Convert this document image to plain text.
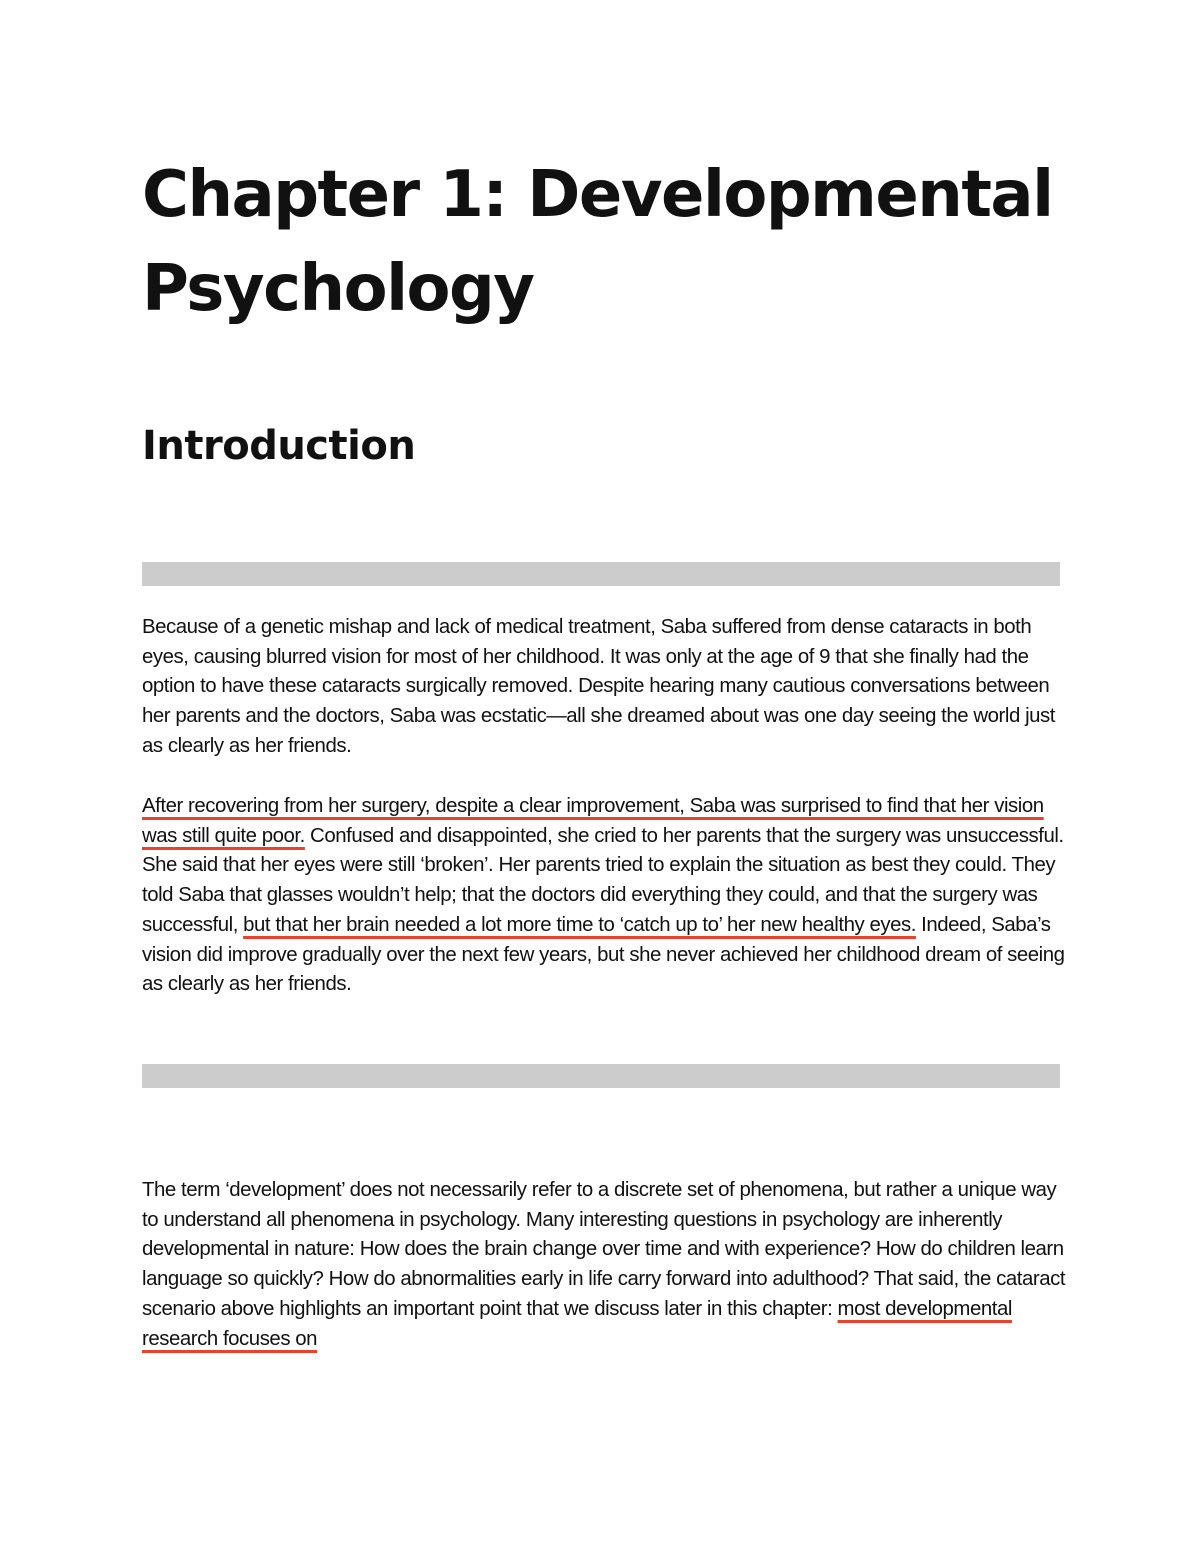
Chapter 1: Developmental Psychology
Introduction

Because of a genetic mishap and lack of medical treatment, Saba suffered from dense cataracts in both eyes, causing blurred vision for most of her childhood. It was only at the age of 9 that she finally had the option to have these cataracts surgically removed. Despite hearing many cautious conversations between her parents and the doctors, Saba was ecstatic—all she dreamed about was one day seeing the world just as clearly as her friends.

After recovering from her surgery, despite a clear improvement, Saba was surprised to find that her vision was still quite poor. Confused and disappointed, she cried to her parents that the surgery was unsuccessful. She said that her eyes were still ‘broken’. Her parents tried to explain the situation as best they could. They told Saba that glasses wouldn’t help; that the doctors did everything they could, and that the surgery was successful, but that her brain needed a lot more time to ‘catch up to’ her new healthy eyes. Indeed, Saba’s vision did improve gradually over the next few years, but she never achieved her childhood dream of seeing as clearly as her friends.

The term ‘development’ does not necessarily refer to a discrete set of phenomena, but rather a unique way to understand all phenomena in psychology. Many interesting questions in psychology are inherently developmental in nature: How does the brain change over time and with experience? How do children learn language so quickly? How do abnormalities early in life carry forward into adulthood? That said, the cataract scenario above highlights an important point that we discuss later in this chapter: most developmental research focuses on
